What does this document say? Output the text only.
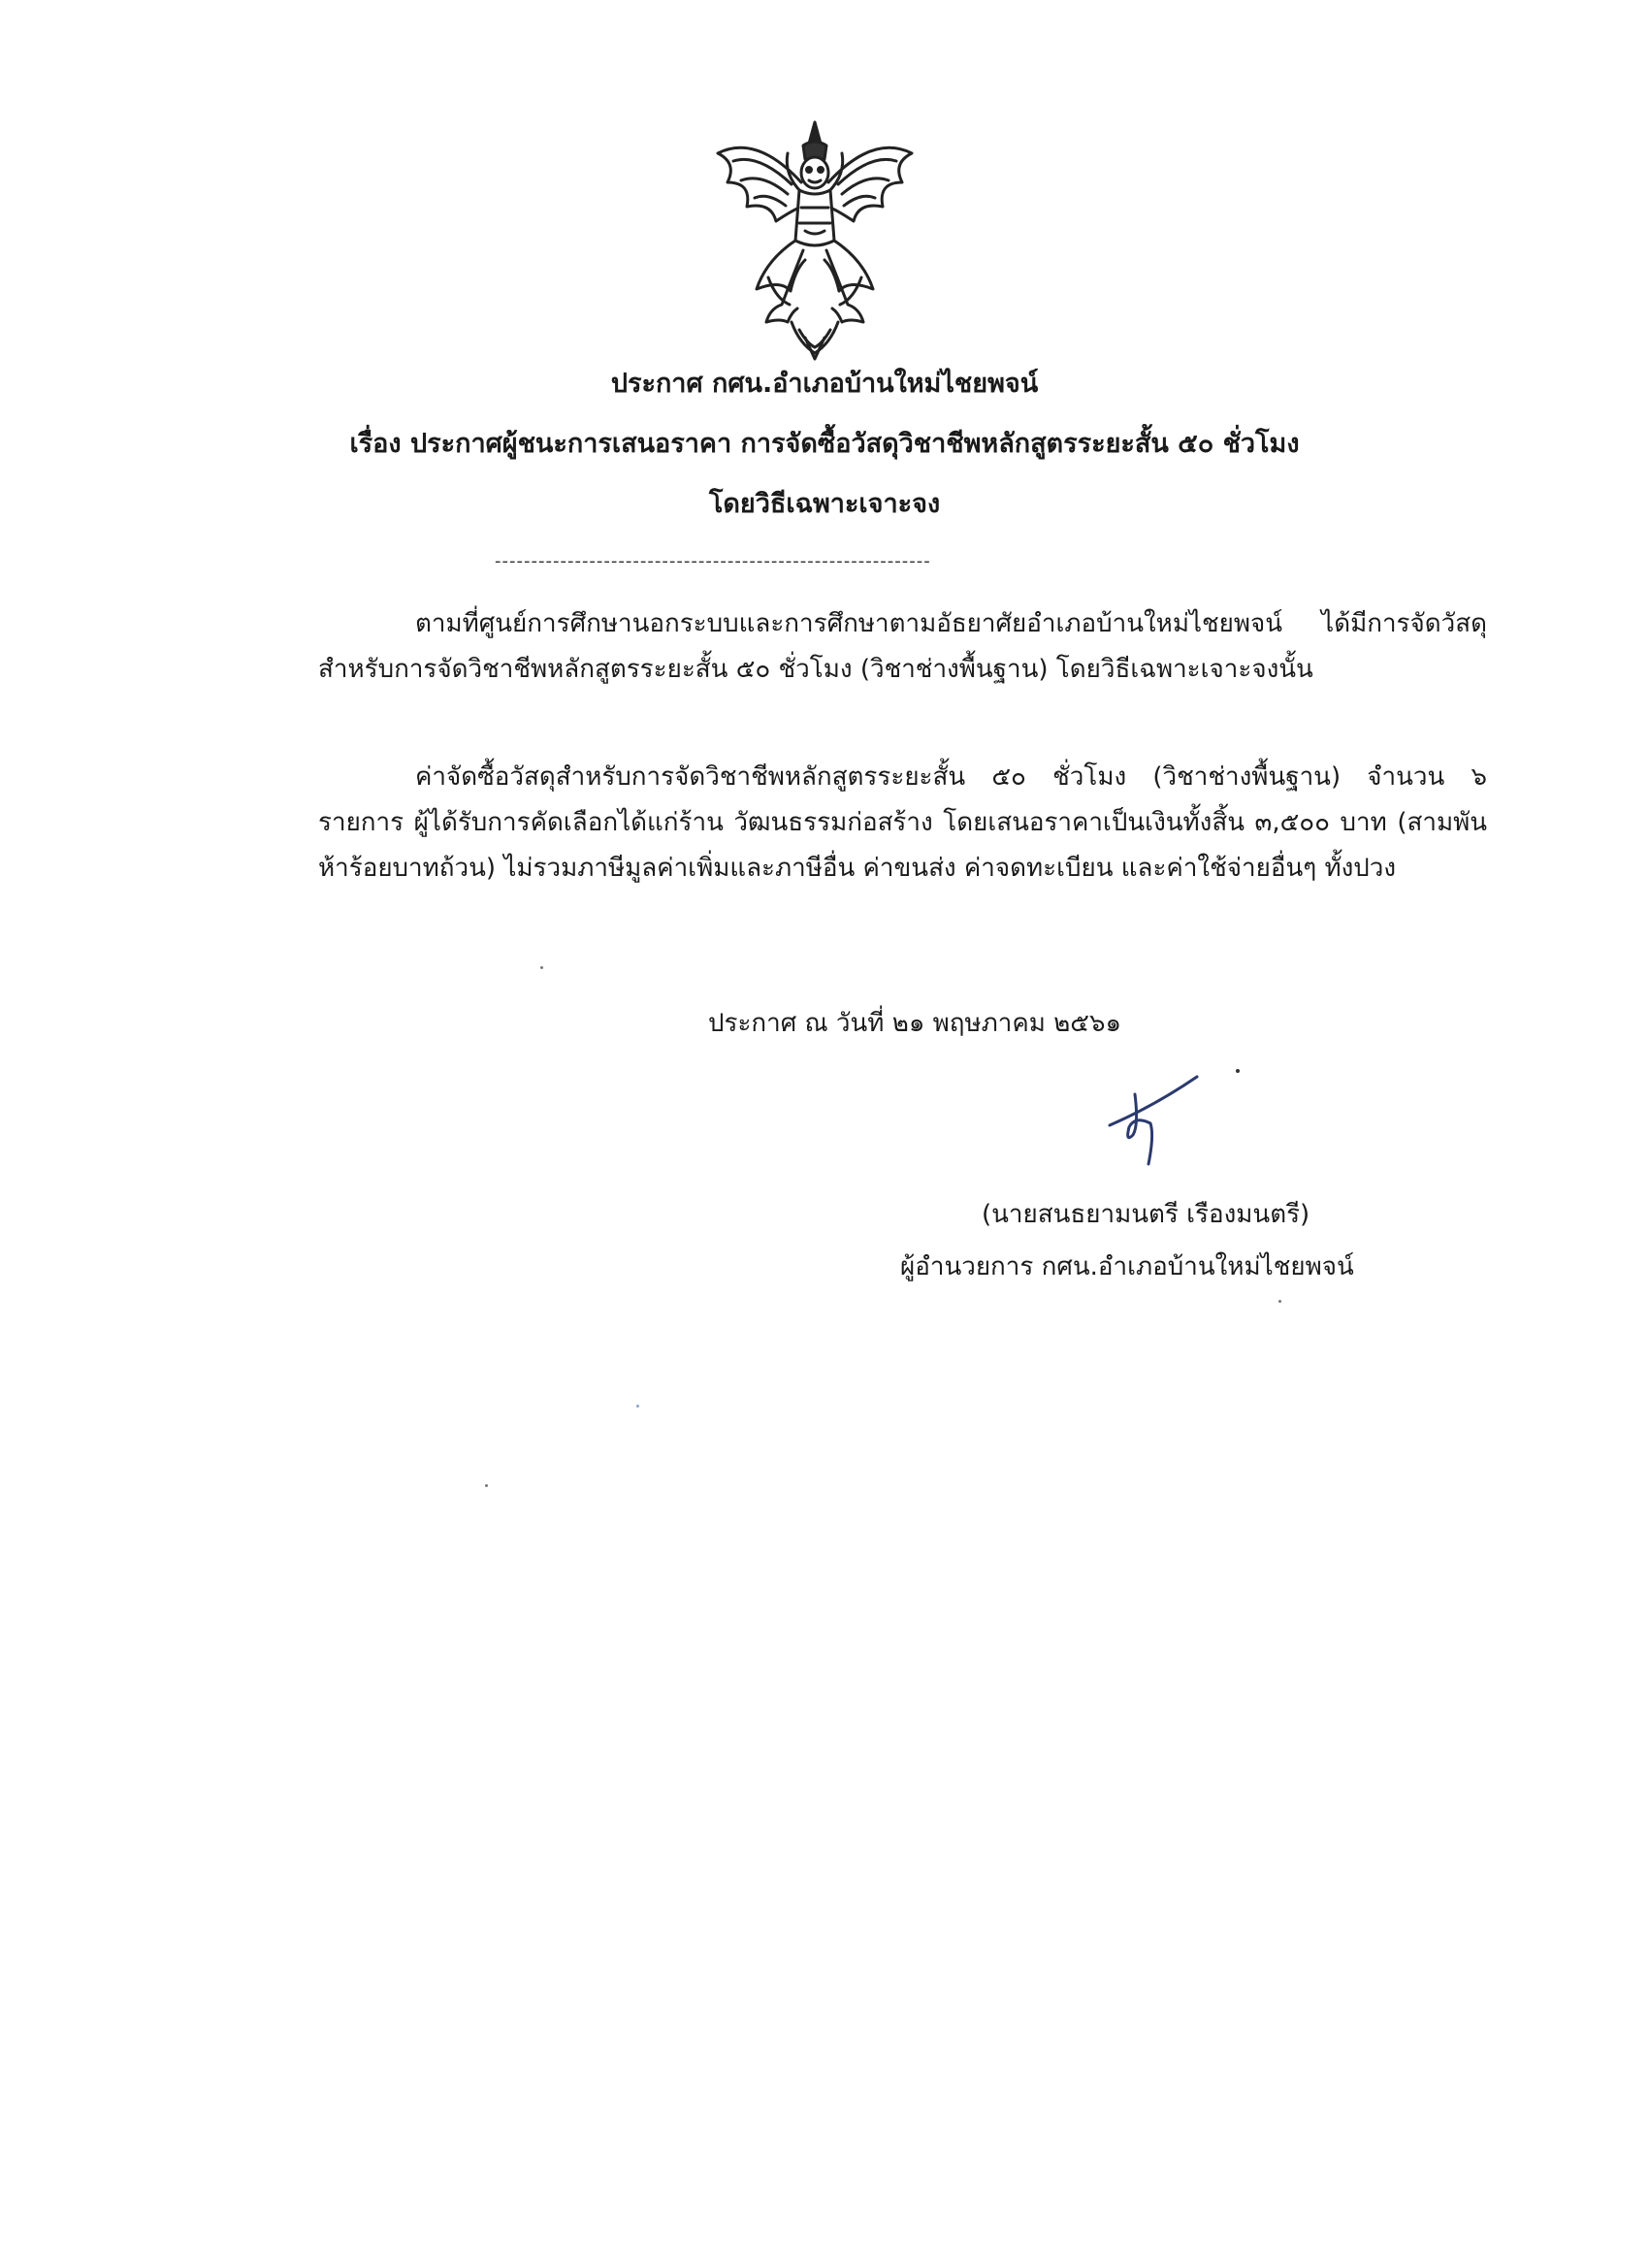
ประกาศ กศน.อำเภอบ้านใหม่ไชยพจน์
เรื่อง ประกาศผู้ชนะการเสนอราคา การจัดซื้อวัสดุวิชาชีพหลักสูตรระยะสั้น ๕๐ ชั่วโมง
โดยวิธีเฉพาะเจาะจง
------------------------------------------------------------
ตามที่ศูนย์การศึกษานอกระบบและการศึกษาตามอัธยาศัยอำเภอบ้านใหม่ไชยพจน์ ได้มีการจัดวัสดุ สำหรับการจัดวิชาชีพหลักสูตรระยะสั้น ๕๐ ชั่วโมง (วิชาช่างพื้นฐาน) โดยวิธีเฉพาะเจาะจงนั้น
ค่าจัดซื้อวัสดุสำหรับการจัดวิชาชีพหลักสูตรระยะสั้น ๕๐ ชั่วโมง (วิชาช่างพื้นฐาน) จำนวน ๖ รายการ ผู้ได้รับการคัดเลือกได้แก่ร้าน วัฒนธรรมก่อสร้าง โดยเสนอราคาเป็นเงินทั้งสิ้น ๓,๕๐๐ บาท (สามพันห้าร้อยบาทถ้วน) ไม่รวมภาษีมูลค่าเพิ่มและภาษีอื่น ค่าขนส่ง ค่าจดทะเบียน และค่าใช้จ่ายอื่นๆ ทั้งปวง
ประกาศ ณ วันที่ ๒๑ พฤษภาคม ๒๕๖๑
(นายสนธยามนตรี เรืองมนตรี)
ผู้อำนวยการ กศน.อำเภอบ้านใหม่ไชยพจน์
